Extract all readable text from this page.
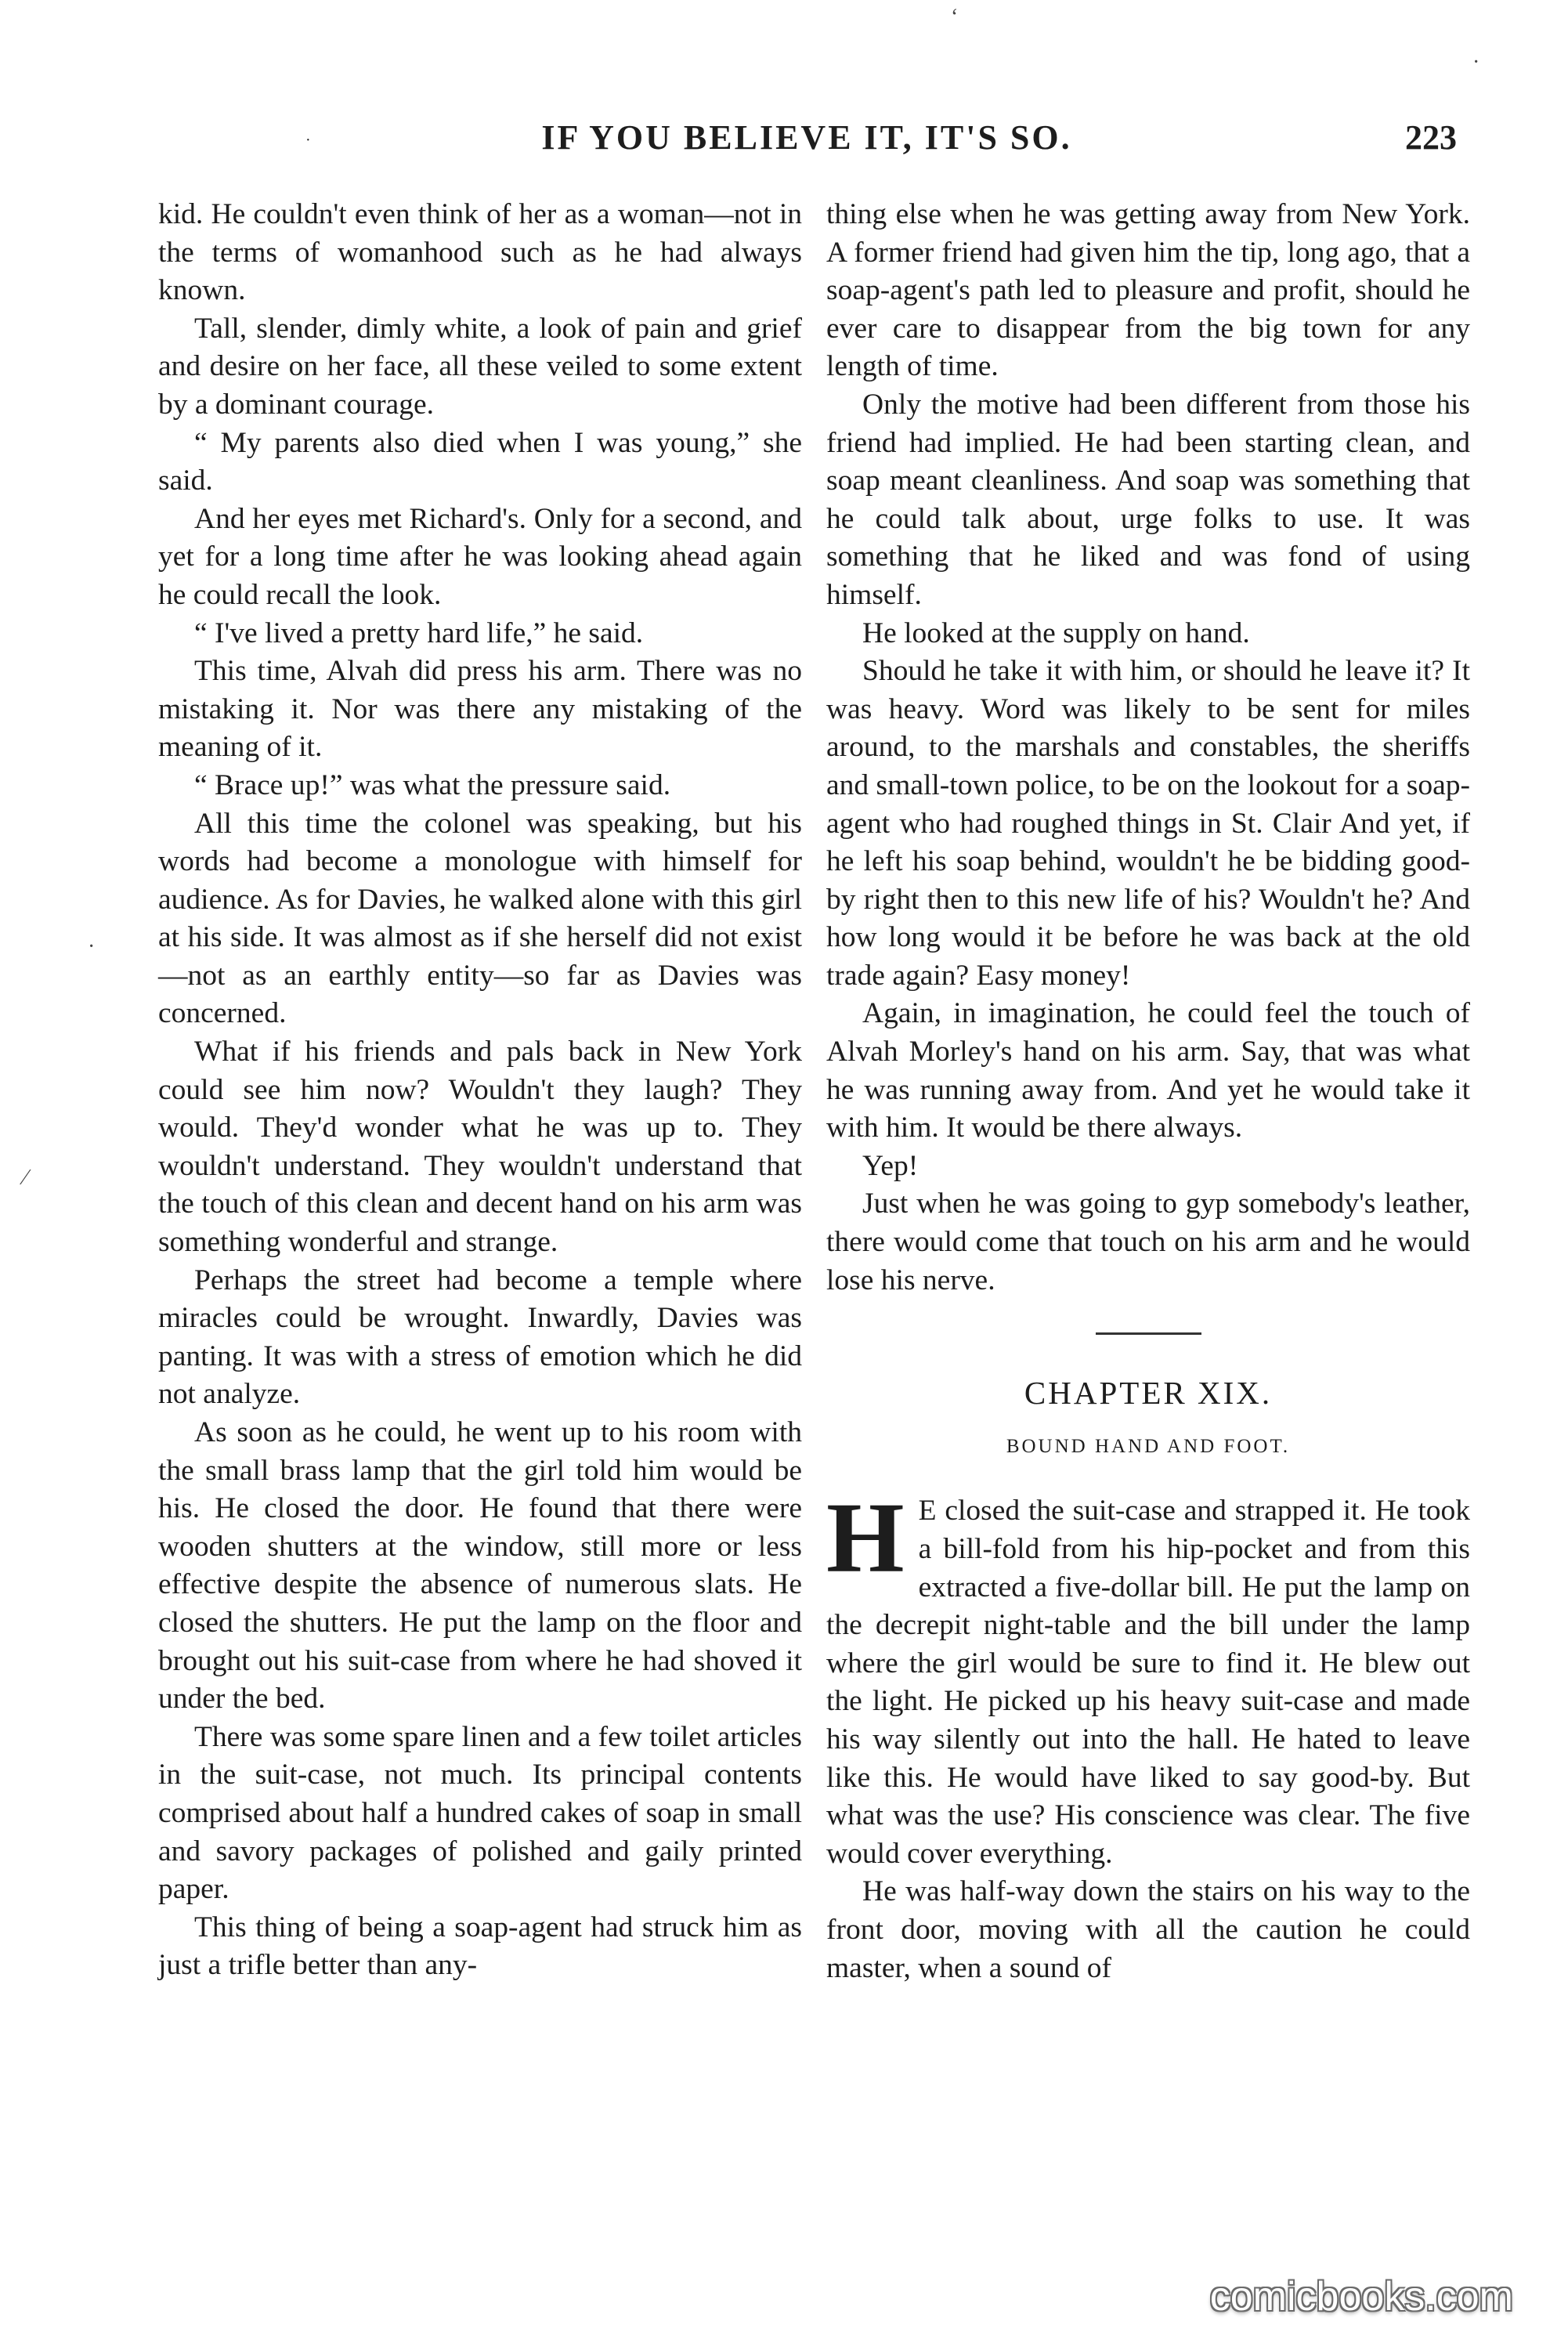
ʻ
·
·
⁄
·	IF YOU BELIEVE IT, IT'S SO.	223

kid. He couldn't even think of her as a woman—not in the terms of womanhood such as he had always known.

Tall, slender, dimly white, a look of pain and grief and desire on her face, all these veiled to some extent by a dominant courage.

“ My parents also died when I was young,” she said.

And her eyes met Richard's. Only for a second, and yet for a long time after he was looking ahead again he could recall the look.

“ I've lived a pretty hard life,” he said.

This time, Alvah did press his arm. There was no mistaking it. Nor was there any mistaking of the meaning of it.

“ Brace up!” was what the pressure said.

All this time the colonel was speaking, but his words had become a monologue with himself for audience. As for Davies, he walked alone with this girl at his side. It was almost as if she herself did not exist —not as an earthly entity—so far as Davies was concerned.

What if his friends and pals back in New York could see him now? Wouldn't they laugh? They would. They'd wonder what he was up to. They wouldn't understand. They wouldn't understand that the touch of this clean and decent hand on his arm was something wonderful and strange.

Perhaps the street had become a temple where miracles could be wrought. Inwardly, Davies was panting. It was with a stress of emotion which he did not analyze.

As soon as he could, he went up to his room with the small brass lamp that the girl told him would be his. He closed the door. He found that there were wooden shutters at the window, still more or less effective despite the absence of numerous slats. He closed the shutters. He put the lamp on the floor and brought out his suit-case from where he had shoved it under the bed.

There was some spare linen and a few toilet articles in the suit-case, not much. Its principal contents comprised about half a hundred cakes of soap in small and savory packages of polished and gaily printed paper.

This thing of being a soap-agent had struck him as just a trifle better than any-

thing else when he was getting away from New York. A former friend had given him the tip, long ago, that a soap-agent's path led to pleasure and profit, should he ever care to disappear from the big town for any length of time.

Only the motive had been different from those his friend had implied. He had been starting clean, and soap meant cleanliness. And soap was something that he could talk about, urge folks to use. It was something that he liked and was fond of using himself.

He looked at the supply on hand.

Should he take it with him, or should he leave it? It was heavy. Word was likely to be sent for miles around, to the marshals and constables, the sheriffs and small-town police, to be on the lookout for a soap-agent who had roughed things in St. Clair And yet, if he left his soap behind, wouldn't he be bidding good-by right then to this new life of his? Wouldn't he? And how long would it be before he was back at the old trade again? Easy money!

Again, in imagination, he could feel the touch of Alvah Morley's hand on his arm. Say, that was what he was running away from. And yet he would take it with him. It would be there always.

Yep!

Just when he was going to gyp somebody's leather, there would come that touch on his arm and he would lose his nerve.

CHAPTER XIX.
BOUND HAND AND FOOT.

H E closed the suit-case and strapped it. He took a bill-fold from his hip-pocket and from this extracted a five-dollar bill. He put the lamp on the decrepit night-table and the bill under the lamp where the girl would be sure to find it. He blew out the light. He picked up his heavy suit-case and made his way silently out into the hall. He hated to leave like this. He would have liked to say good-by. But what was the use? His conscience was clear. The five would cover everything.

He was half-way down the stairs on his way to the front door, moving with all the caution he could master, when a sound of

comicbooks.com
